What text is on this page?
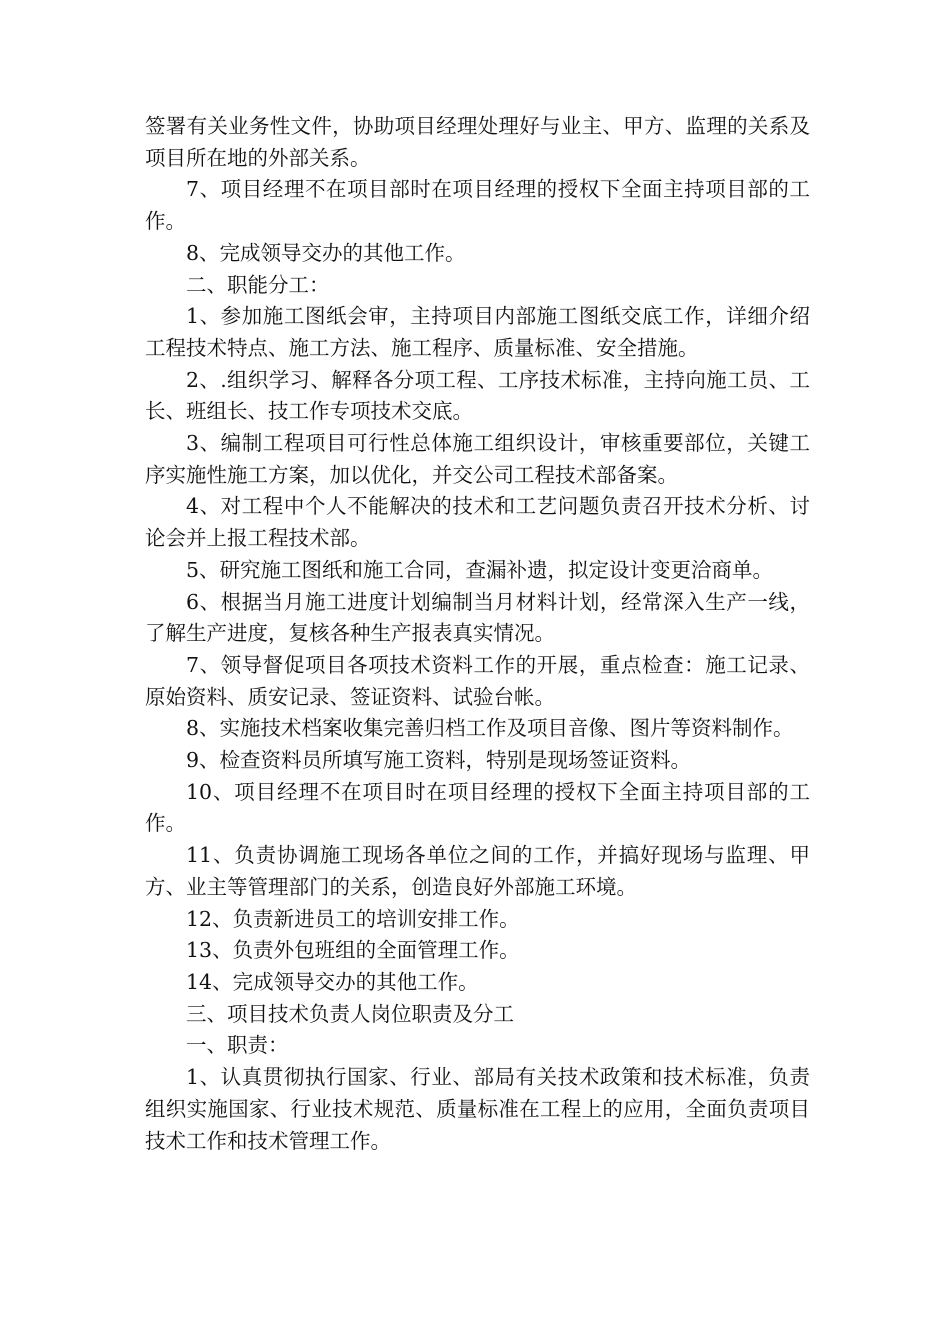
签署有关业务性文件，协助项目经理处理好与业主、甲方、监理的关系及项目所在地的外部关系。

7、项目经理不在项目部时在项目经理的授权下全面主持项目部的工作。

8、完成领导交办的其他工作。

二、职能分工：

1、参加施工图纸会审，主持项目内部施工图纸交底工作，详细介绍工程技术特点、施工方法、施工程序、质量标准、安全措施。

2、.组织学习、解释各分项工程、工序技术标准，主持向施工员、工长、班组长、技工作专项技术交底。

3、编制工程项目可行性总体施工组织设计，审核重要部位，关键工序实施性施工方案，加以优化，并交公司工程技术部备案。

4、对工程中个人不能解决的技术和工艺问题负责召开技术分析、讨论会并上报工程技术部。

5、研究施工图纸和施工合同，查漏补遗，拟定设计变更洽商单。

6、根据当月施工进度计划编制当月材料计划，经常深入生产一线，了解生产进度，复核各种生产报表真实情况。

7、领导督促项目各项技术资料工作的开展，重点检查：施工记录、原始资料、质安记录、签证资料、试验台帐。

8、实施技术档案收集完善归档工作及项目音像、图片等资料制作。

9、检查资料员所填写施工资料，特别是现场签证资料。

10、项目经理不在项目时在项目经理的授权下全面主持项目部的工作。

11、负责协调施工现场各单位之间的工作，并搞好现场与监理、甲方、业主等管理部门的关系，创造良好外部施工环境。

12、负责新进员工的培训安排工作。

13、负责外包班组的全面管理工作。

14、完成领导交办的其他工作。

三、项目技术负责人岗位职责及分工

一、职责：

1、认真贯彻执行国家、行业、部局有关技术政策和技术标准，负责组织实施国家、行业技术规范、质量标准在工程上的应用，全面负责项目技术工作和技术管理工作。
